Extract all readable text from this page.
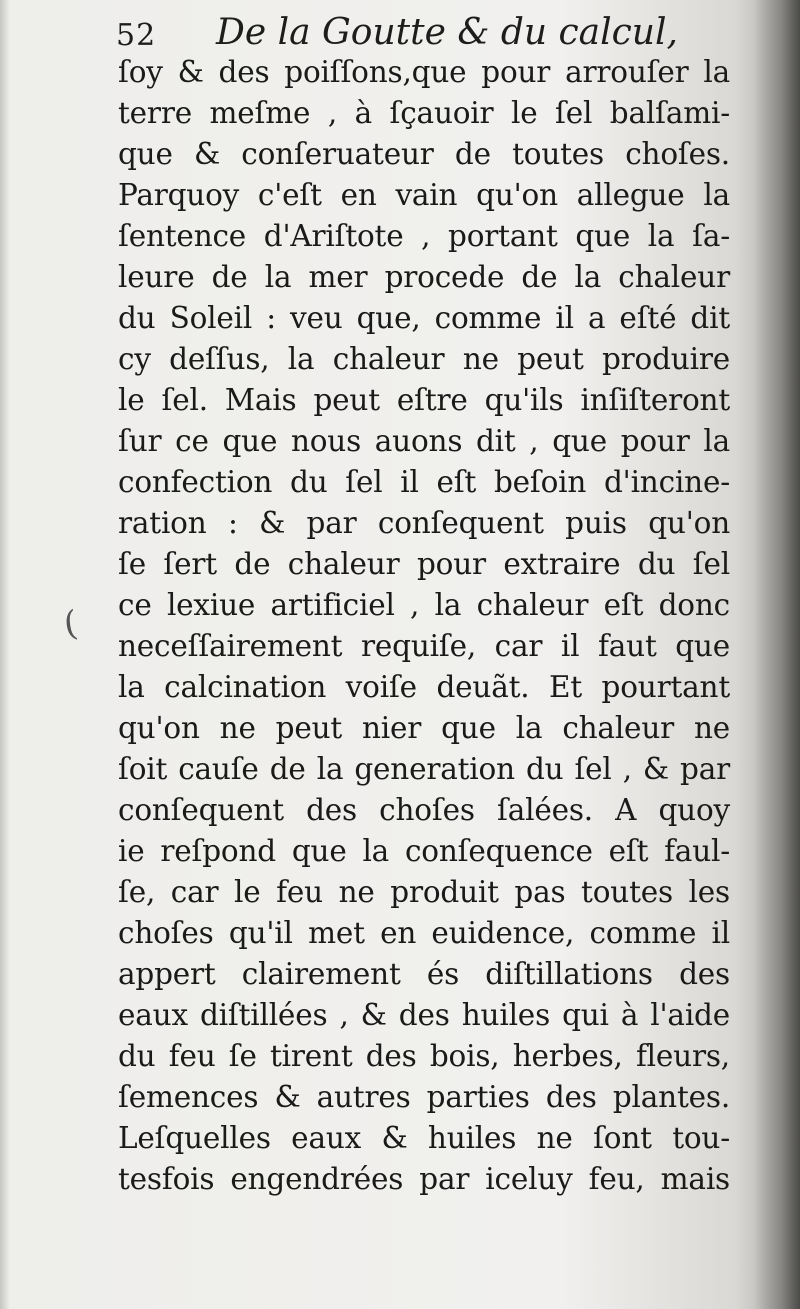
52 De la Goutte & du calcul,
(
ſoy & des poiſſons,que pour arrouſer la
terre meſme , à ſçauoir le ſel balſami-
que & conſeruateur de toutes choſes.
Parquoy c'eſt en vain qu'on allegue la
ſentence d'Ariſtote , portant que la ſa-
leure de la mer procede de la chaleur
du Soleil : veu que, comme il a eſté dit
cy deſſus, la chaleur ne peut produire
le ſel. Mais peut eſtre qu'ils inſiſteront
ſur ce que nous auons dit , que pour la
confection du ſel il eſt beſoin d'incine-
ration : & par conſequent puis qu'on
ſe ſert de chaleur pour extraire du ſel
ce lexiue artificiel , la chaleur eſt donc
neceſſairement requiſe, car il faut que
la calcination voiſe deuãt. Et pourtant
qu'on ne peut nier que la chaleur ne
ſoit cauſe de la generation du ſel , & par
conſequent des choſes ſalées. A quoy
ie reſpond que la conſequence eſt faul-
ſe, car le feu ne produit pas toutes les
choſes qu'il met en euidence, comme il
appert clairement és diſtillations des
eaux diſtillées , & des huiles qui à l'aide
du feu ſe tirent des bois, herbes, fleurs,
ſemences & autres parties des plantes.
Leſquelles eaux & huiles ne ſont tou-
tesfois engendrées par iceluy feu, mais
